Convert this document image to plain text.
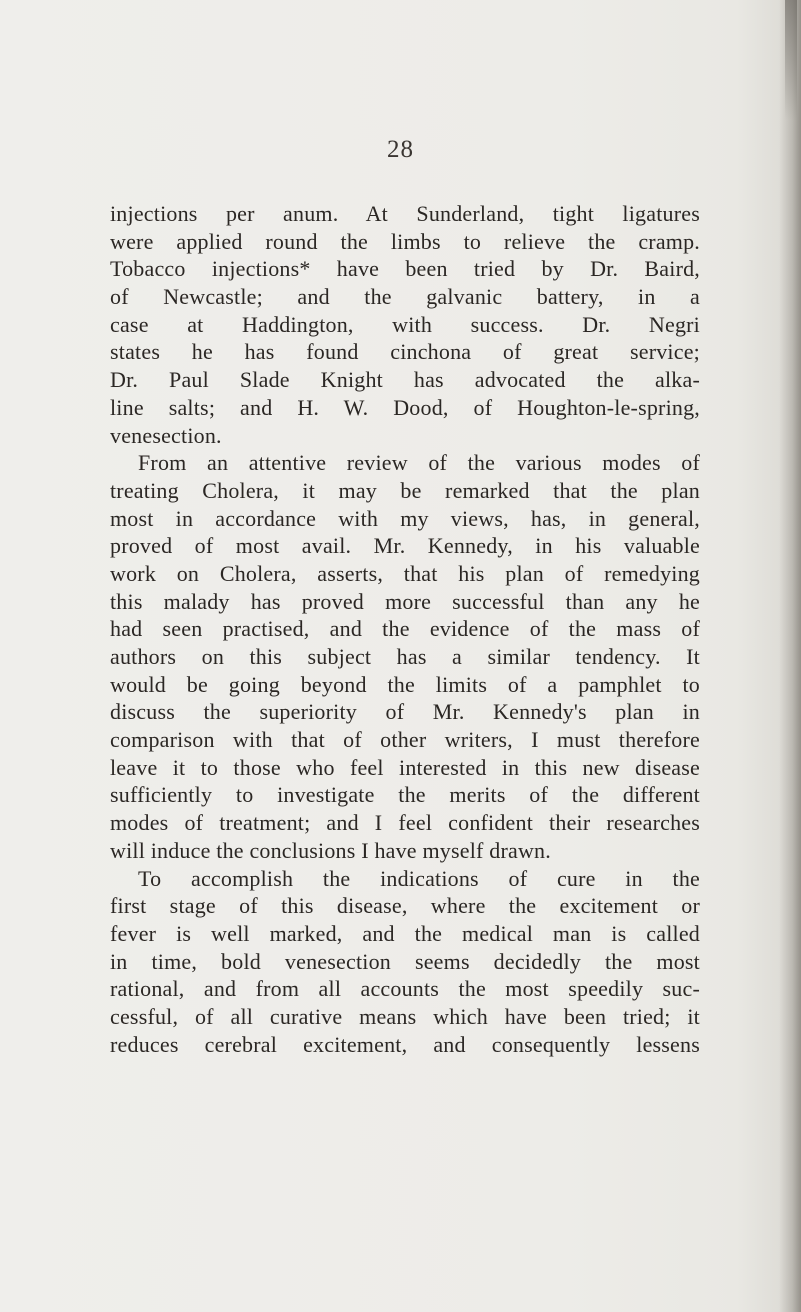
28
injections per anum. At Sunderland, tight ligatures
were applied round the limbs to relieve the cramp.
Tobacco injections* have been tried by Dr. Baird,
of Newcastle; and the galvanic battery, in a
case at Haddington, with success. Dr. Negri
states he has found cinchona of great service;
Dr. Paul Slade Knight has advocated the alka-
line salts; and H. W. Dood, of Houghton-le-spring,
venesection.
From an attentive review of the various modes of
treating Cholera, it may be remarked that the plan
most in accordance with my views, has, in general,
proved of most avail. Mr. Kennedy, in his valuable
work on Cholera, asserts, that his plan of remedying
this malady has proved more successful than any he
had seen practised, and the evidence of the mass of
authors on this subject has a similar tendency. It
would be going beyond the limits of a pamphlet to
discuss the superiority of Mr. Kennedy's plan in
comparison with that of other writers, I must therefore
leave it to those who feel interested in this new disease
sufficiently to investigate the merits of the different
modes of treatment; and I feel confident their researches
will induce the conclusions I have myself drawn.
To accomplish the indications of cure in the
first stage of this disease, where the excitement or
fever is well marked, and the medical man is called
in time, bold venesection seems decidedly the most
rational, and from all accounts the most speedily suc-
cessful, of all curative means which have been tried; it
reduces cerebral excitement, and consequently lessens
